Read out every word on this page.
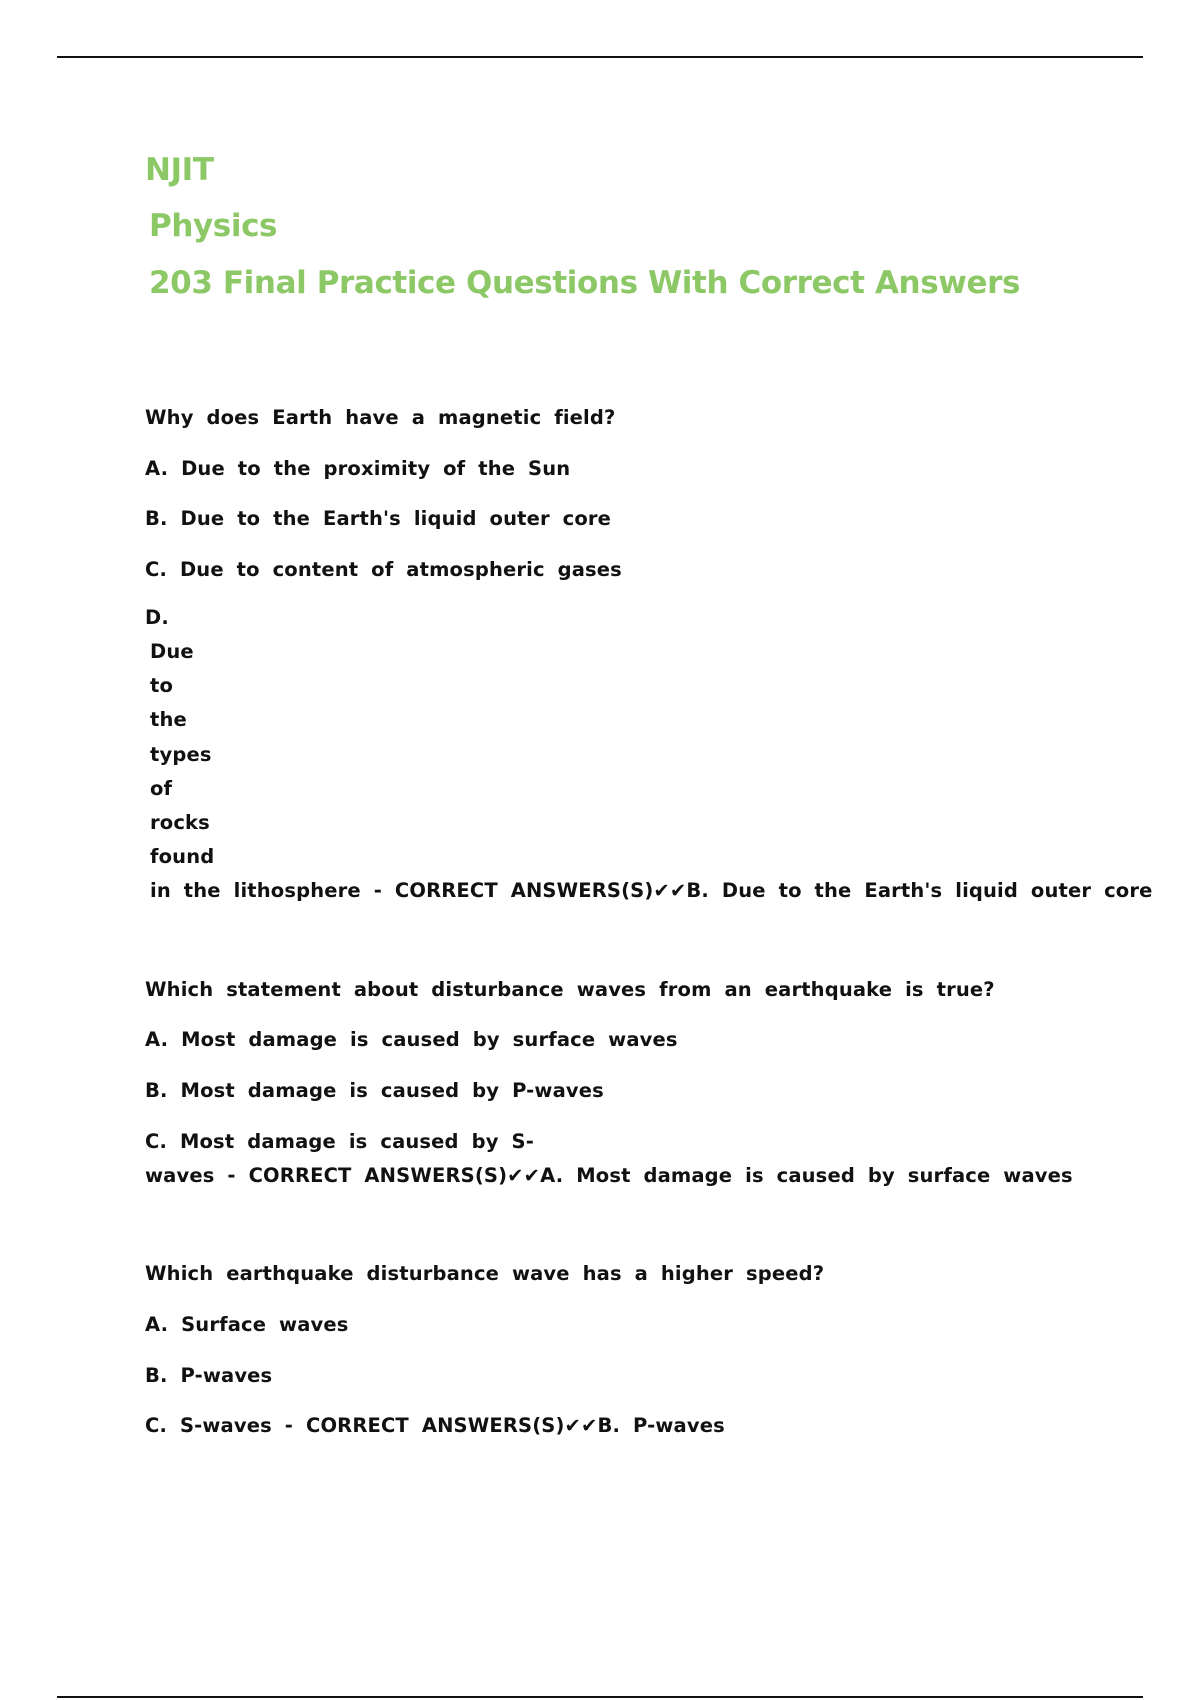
NJIT
Physics
203 Final Practice Questions With Correct Answers

Why does Earth have a magnetic field?

A. Due to the proximity of the Sun

B. Due to the Earth's liquid outer core

C. Due to content of atmospheric gases

D.

Due

to

the

types

of

rocks

found

in the lithosphere - CORRECT ANSWERS(S)✔✔B. Due to the Earth's liquid outer core

Which statement about disturbance waves from an earthquake is true?

A. Most damage is caused by surface waves

B. Most damage is caused by P-waves

C. Most damage is caused by S-

waves - CORRECT ANSWERS(S)✔✔A. Most damage is caused by surface waves

Which earthquake disturbance wave has a higher speed?

A. Surface waves

B. P-waves

C. S-waves - CORRECT ANSWERS(S)✔✔B. P-waves
